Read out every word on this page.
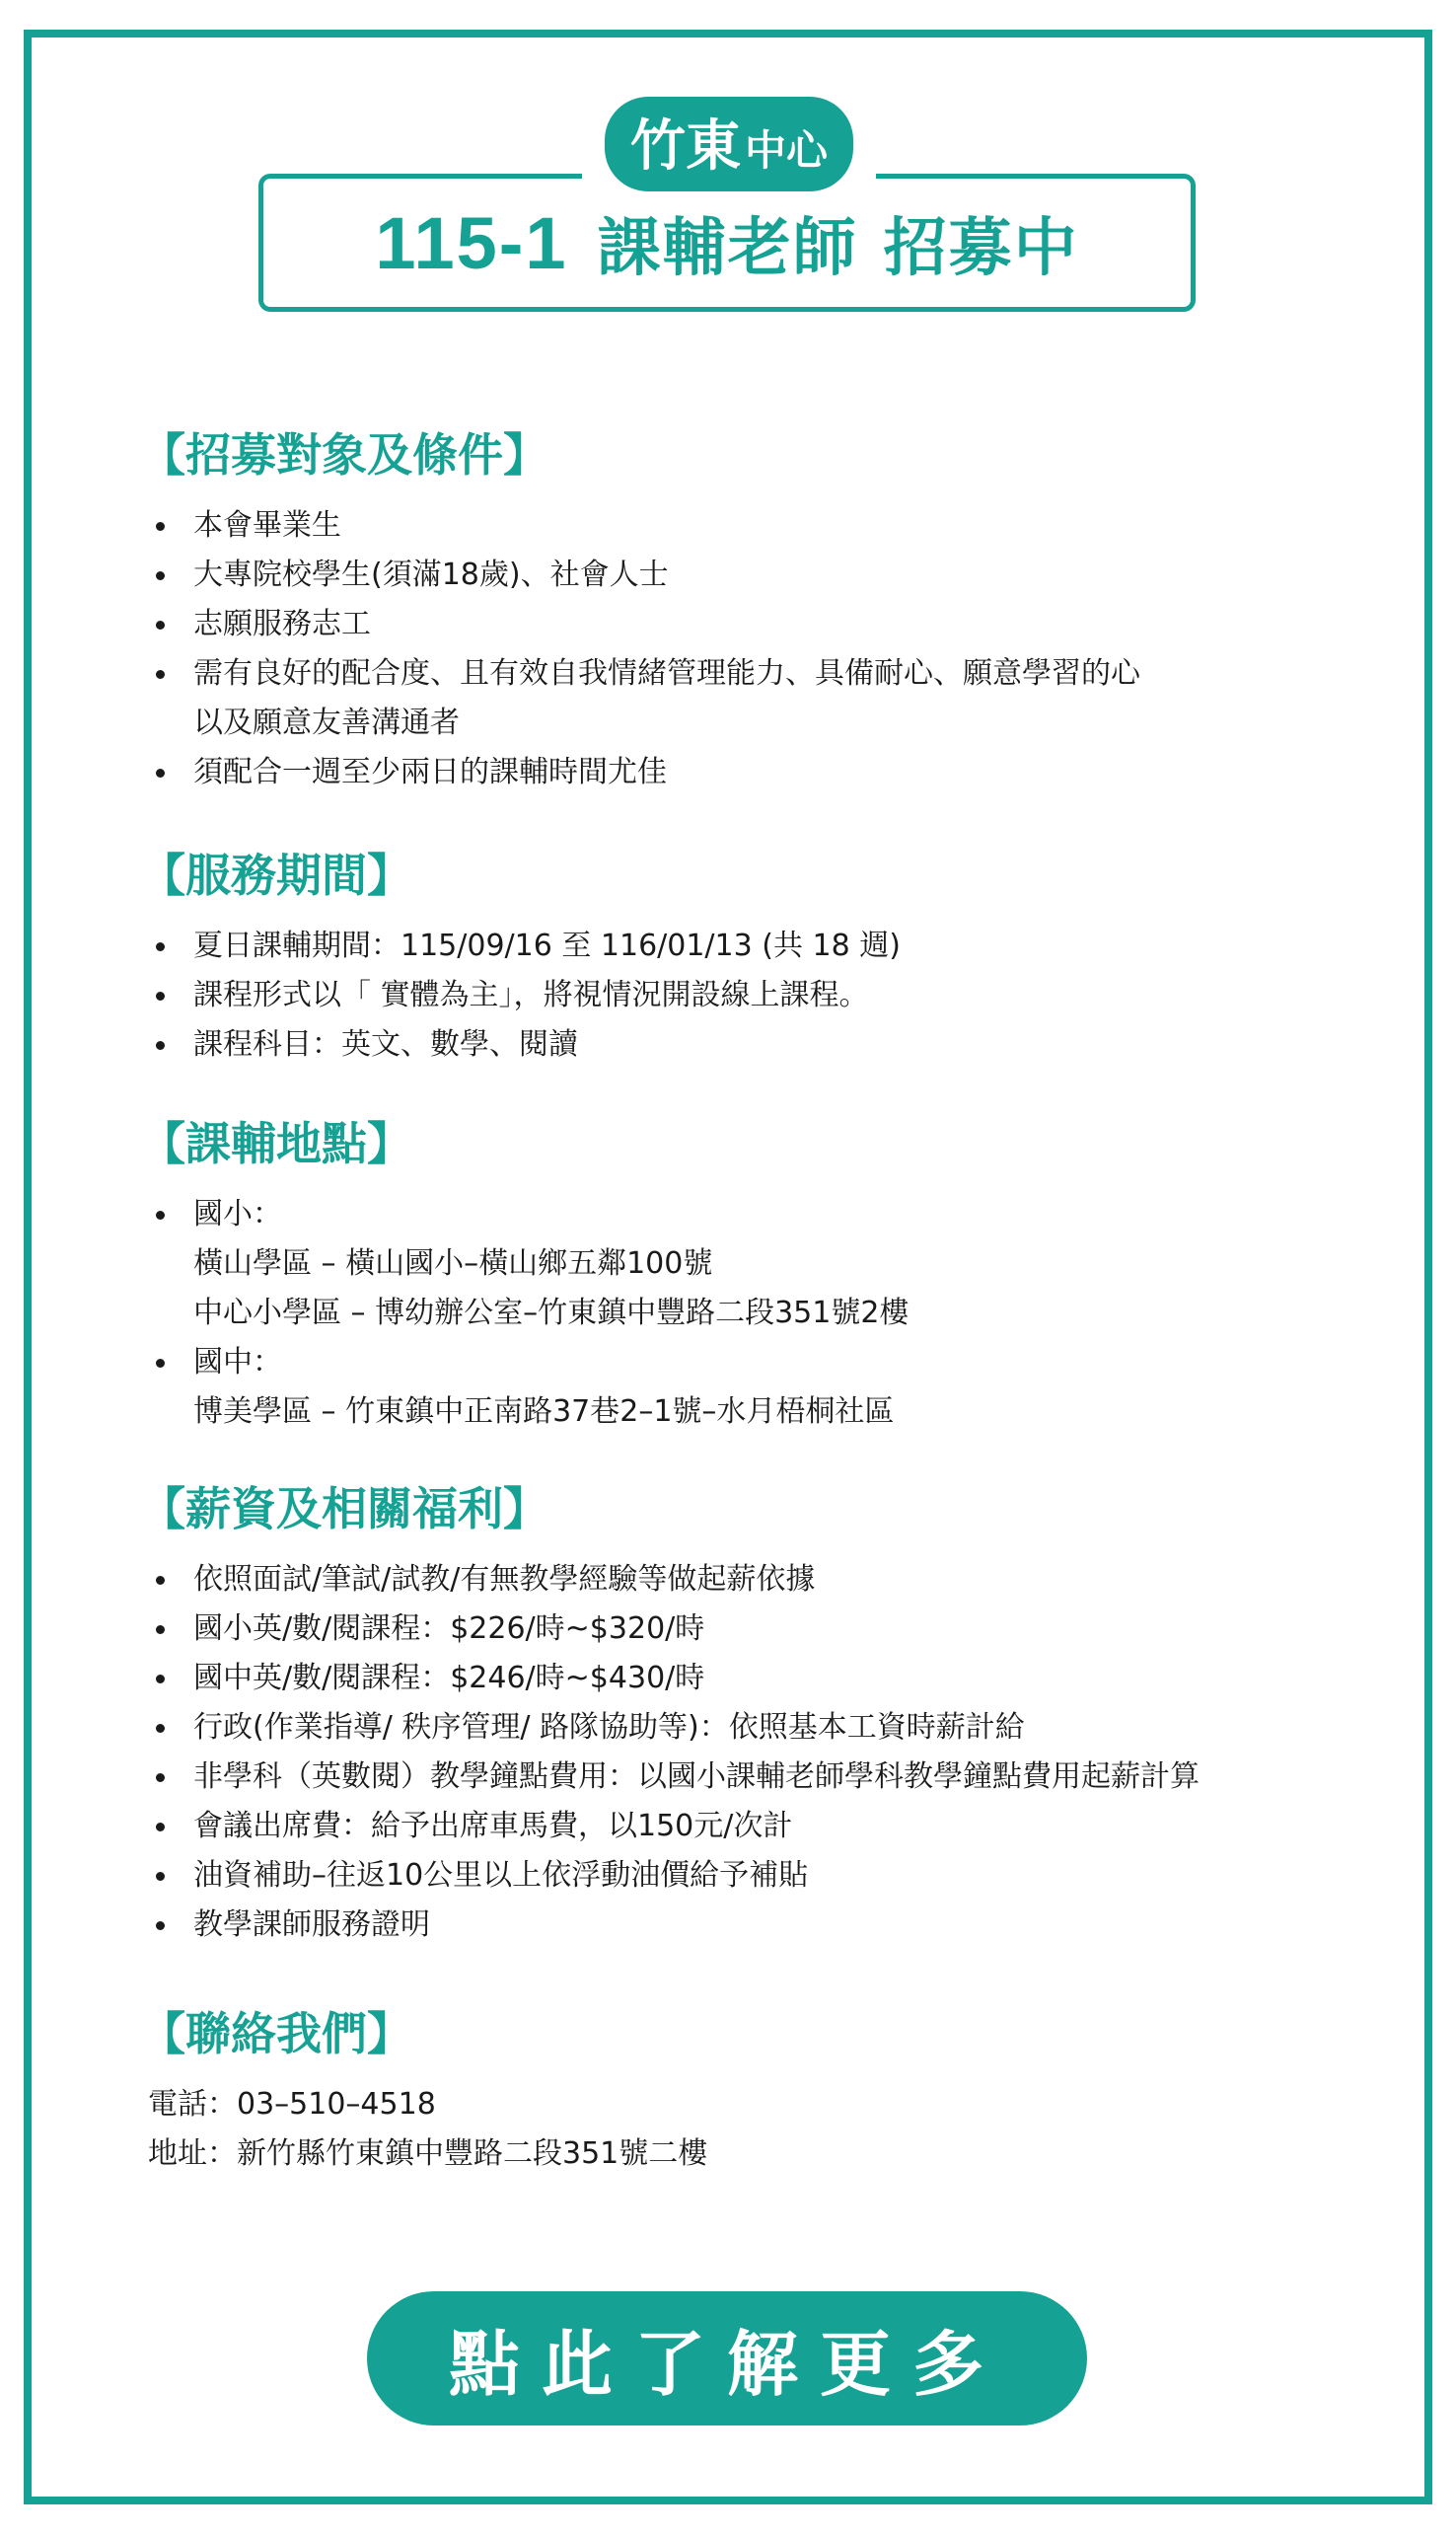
115-1 課輔老師 招募中
竹東 中心
【招募對象及條件】
本會畢業生
大專院校學生(須滿18歲)、社會人士
志願服務志工
需有良好的配合度、且有效自我情緒管理能力、具備耐心、願意學習的心
以及願意友善溝通者
須配合一週至少兩日的課輔時間尤佳
【服務期間】
夏日課輔期間：115/09/16 至 116/01/13 (共 18 週)
課程形式以「 實體為主」，將視情況開設線上課程。
課程科目：英文、數學、閱讀
【課輔地點】
國小：
橫山學區 – 橫山國小–橫山鄉五鄰100號
中心小學區 – 博幼辦公室–竹東鎮中豐路二段351號2樓
國中：
博美學區 – 竹東鎮中正南路37巷2–1號–水月梧桐社區
【薪資及相關福利】
依照面試/筆試/試教/有無教學經驗等做起薪依據
國小英/數/閱課程：$226/時~$320/時
國中英/數/閱課程：$246/時~$430/時
行政(作業指導/ 秩序管理/ 路隊協助等)：依照基本工資時薪計給
非學科（英數閱）教學鐘點費用：以國小課輔老師學科教學鐘點費用起薪計算
會議出席費：給予出席車馬費，以150元/次計
油資補助–往返10公里以上依浮動油價給予補貼
教學課師服務證明
【聯絡我們】
電話：03–510–4518
地址：新竹縣竹東鎮中豐路二段351號二樓
點此了解更多
